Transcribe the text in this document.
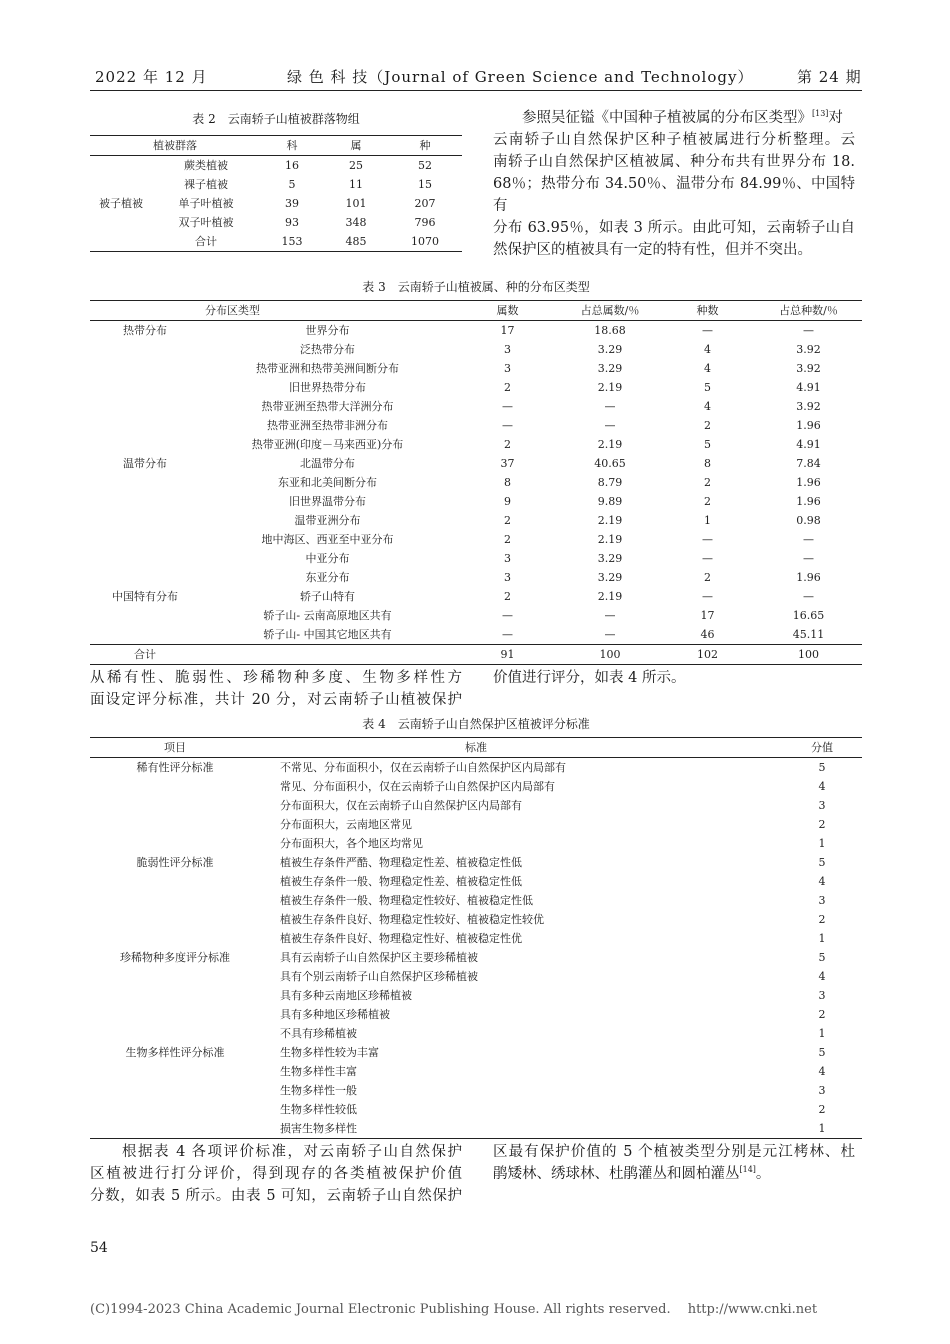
2022 年 12 月	绿 色 科 技（Journal of Green Science and Technology）	第 24 期
表 2　云南轿子山植被群落物组
植被群落		科	属	种
	蕨类植被	16	25	52
	裸子植被	5	11	15
被子植被	单子叶植被	39	101	207
	双子叶植被	93	348	796
	合计	153	485	1070
　　参照吴征镒《中国种子植被属的分布区类型》[13]对
云南轿子山自然保护区种子植被属进行分析整理。云
南轿子山自然保护区植被属、种分布共有世界分布 18.
68％；热带分布 34.50％、温带分布 84.99％、中国特有
分布 63.95％，如表 3 所示。由此可知，云南轿子山自
然保护区的植被具有一定的特有性，但并不突出。
表 3　云南轿子山植被属、种的分布区类型
分布区类型		属数	占总属数/％	种数	占总种数/％
热带分布	世界分布	17	18.68	—	—
	泛热带分布	3	3.29	4	3.92
	热带亚洲和热带美洲间断分布	3	3.29	4	3.92
	旧世界热带分布	2	2.19	5	4.91
	热带亚洲至热带大洋洲分布	—	—	4	3.92
	热带亚洲至热带非洲分布	—	—	2	1.96
	热带亚洲(印度－马来西亚)分布	2	2.19	5	4.91
温带分布	北温带分布	37	40.65	8	7.84
	东亚和北美间断分布	8	8.79	2	1.96
	旧世界温带分布	9	9.89	2	1.96
	温带亚洲分布	2	2.19	1	0.98
	地中海区、西亚至中亚分布	2	2.19	—	—
	中亚分布	3	3.29	—	—
	东亚分布	3	3.29	2	1.96
中国特有分布	轿子山特有	2	2.19	—	—
	轿子山- 云南高原地区共有	—	—	17	16.65
	轿子山- 中国其它地区共有	—	—	46	45.11
合计		91	100	102	100
从稀有性、脆弱性、珍稀物种多度、生物多样性方
面设定评分标准，共计 20 分，对云南轿子山植被保护
价值进行评分，如表 4 所示。
表 4　云南轿子山自然保护区植被评分标准
项目	标准	分值
稀有性评分标准	不常见、分布面积小，仅在云南轿子山自然保护区内局部有	5
	常见、分布面积小，仅在云南轿子山自然保护区内局部有	4
	分布面积大，仅在云南轿子山自然保护区内局部有	3
	分布面积大，云南地区常见	2
	分布面积大，各个地区均常见	1
脆弱性评分标准	植被生存条件严酷、物理稳定性差、植被稳定性低	5
	植被生存条件一般、物理稳定性差、植被稳定性低	4
	植被生存条件一般、物理稳定性较好、植被稳定性低	3
	植被生存条件良好、物理稳定性较好、植被稳定性较优	2
	植被生存条件良好、物理稳定性好、植被稳定性优	1
珍稀物种多度评分标准	具有云南轿子山自然保护区主要珍稀植被	5
	具有个别云南轿子山自然保护区珍稀植被	4
	具有多种云南地区珍稀植被	3
	具有多种地区珍稀植被	2
	不具有珍稀植被	1
生物多样性评分标准	生物多样性较为丰富	5
	生物多样性丰富	4
	生物多样性一般	3
	生物多样性较低	2
	损害生物多样性	1
　　根据表 4 各项评价标准，对云南轿子山自然保护
区植被进行打分评价，得到现存的各类植被保护价值
分数，如表 5 所示。由表 5 可知，云南轿子山自然保护
区最有保护价值的 5 个植被类型分别是元江栲林、杜
鹃矮林、绣球林、杜鹃灌丛和圆柏灌丛[14]。
54
(C)1994-2023 China Academic Journal Electronic Publishing House. All rights reserved.　 http://www.cnki.net
